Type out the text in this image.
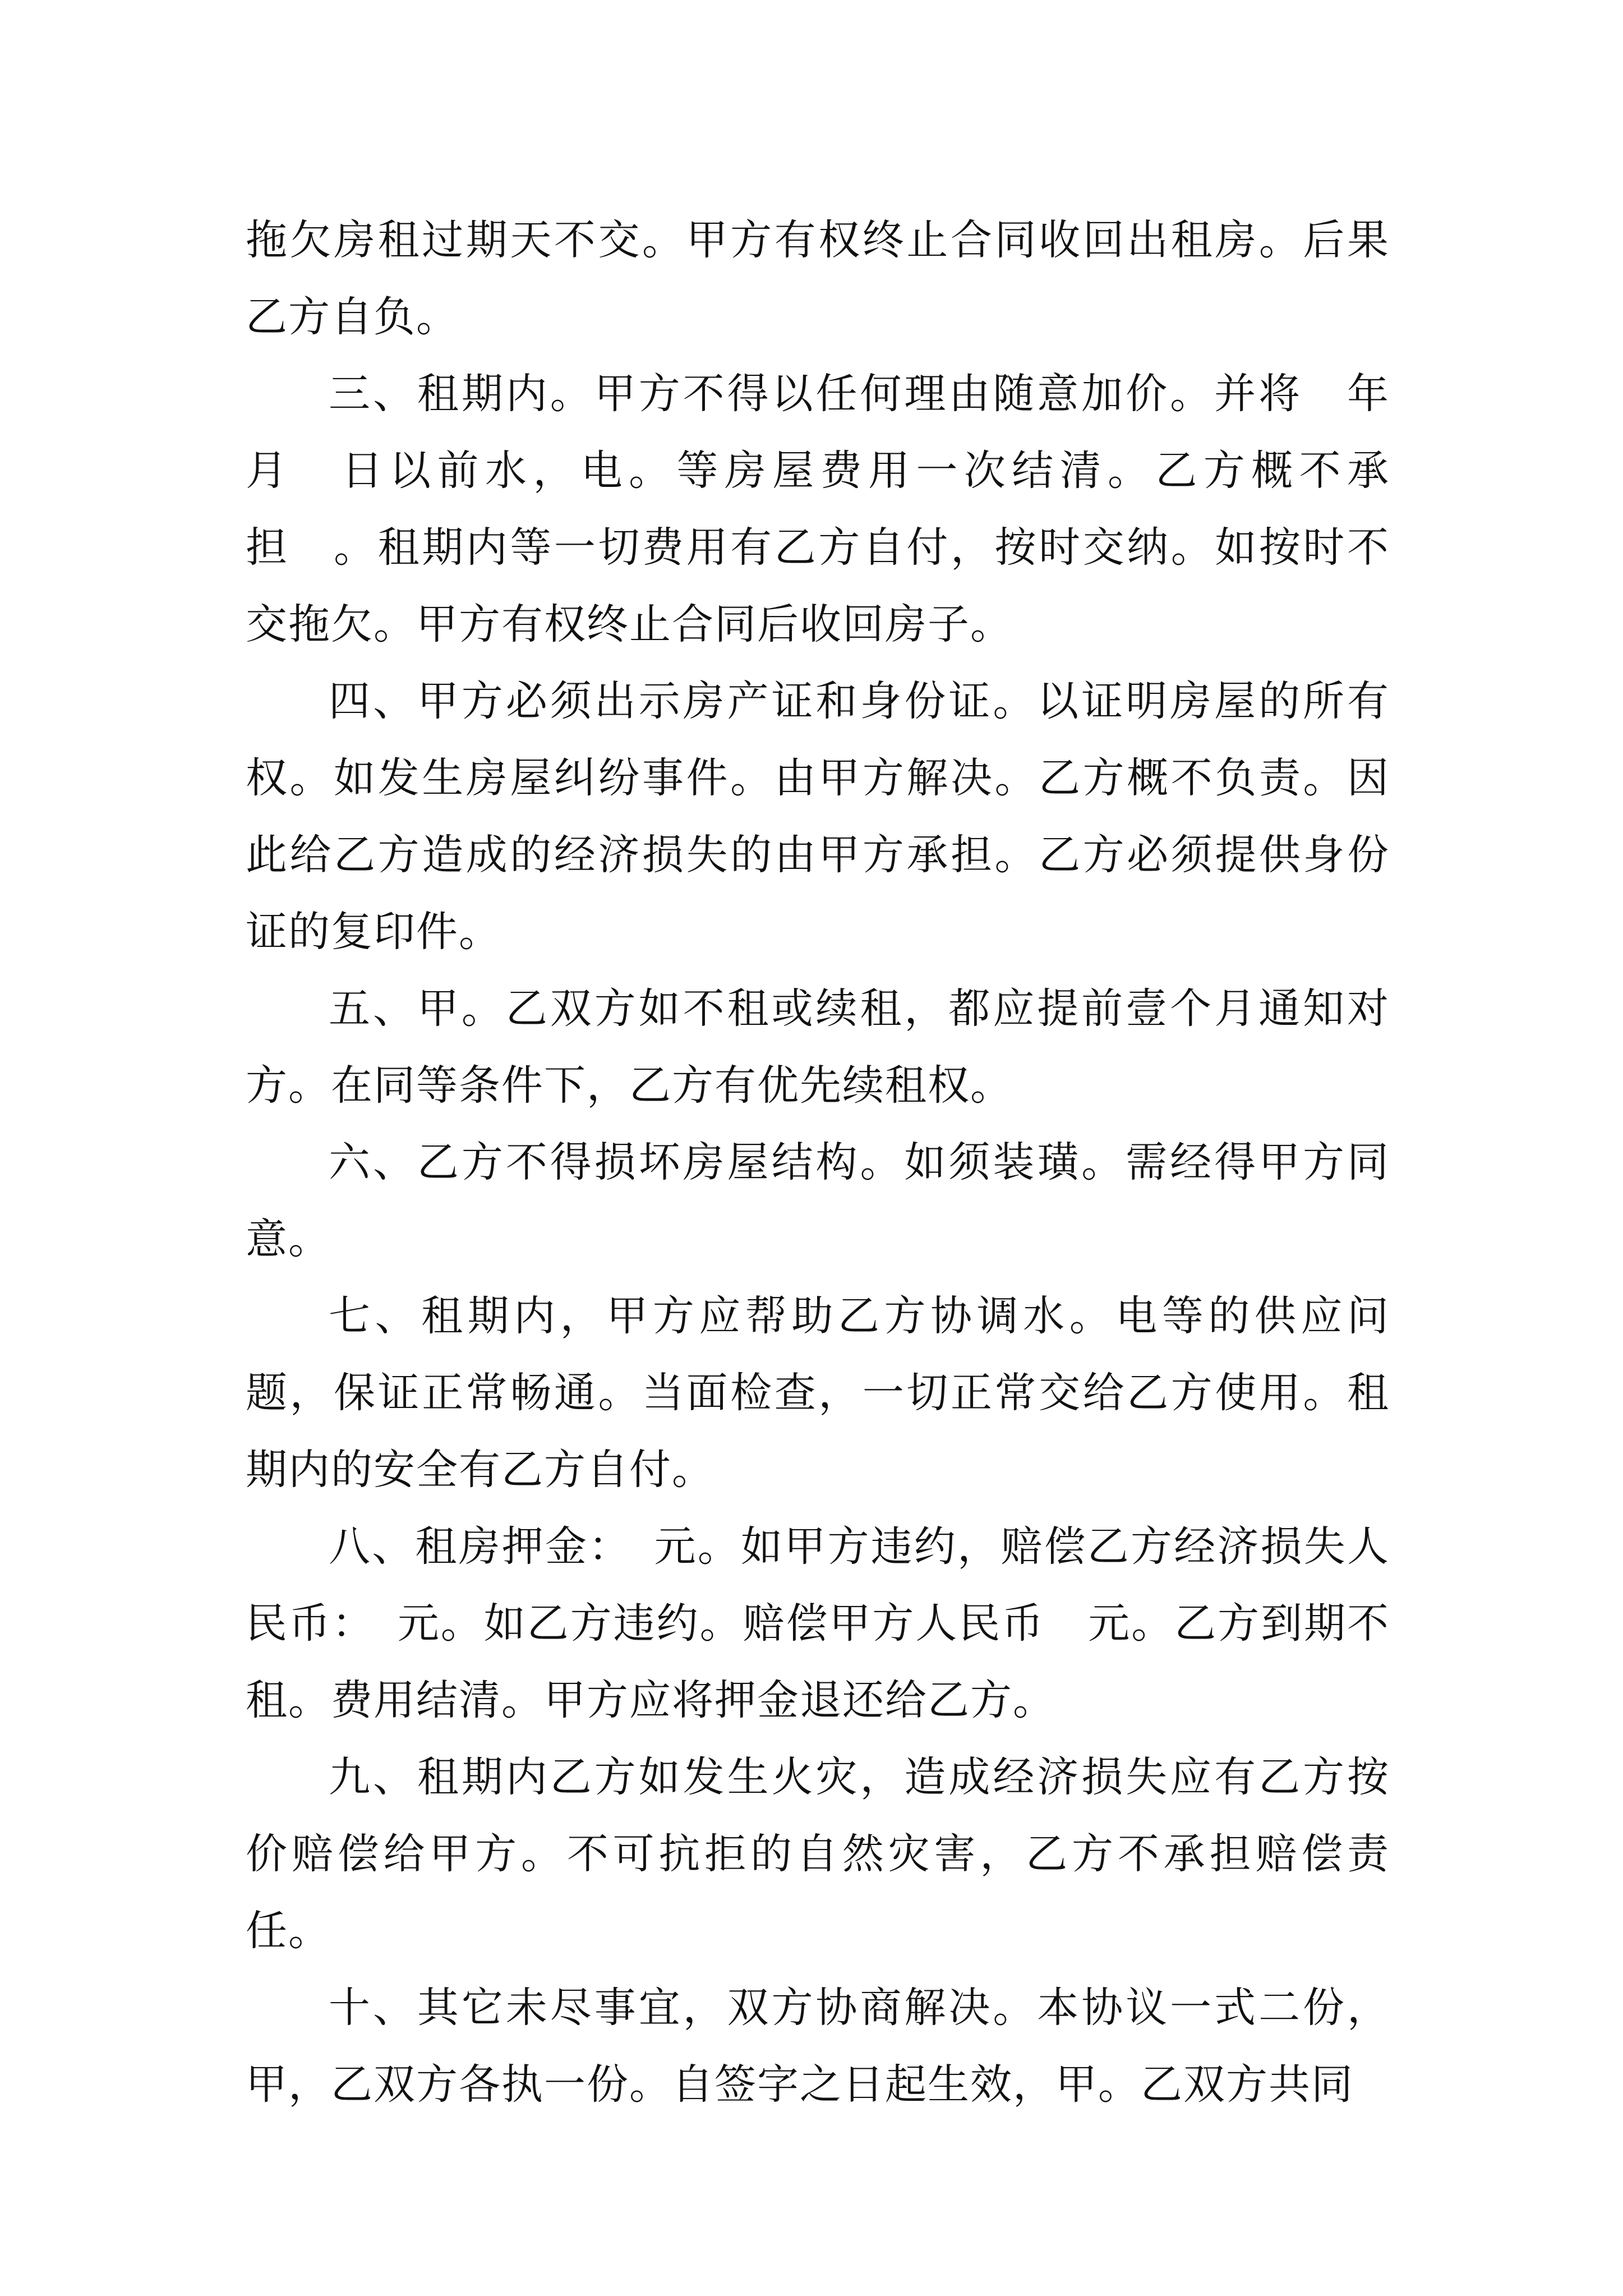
拖欠房租过期天不交。甲方有权终止合同收回出租房。后果乙方自负。

三、租期内。甲方不得以任何理由随意加价。并将　年　月　日以前水，电。等房屋费用一次结清。乙方概不承担　。租期内等一切费用有乙方自付，按时交纳。如按时不交拖欠。甲方有权终止合同后收回房子。

四、甲方必须出示房产证和身份证。以证明房屋的所有权。如发生房屋纠纷事件。由甲方解决。乙方概不负责。因此给乙方造成的经济损失的由甲方承担。乙方必须提供身份证的复印件。

五、甲。乙双方如不租或续租，都应提前壹个月通知对方。在同等条件下，乙方有优先续租权。

六、乙方不得损坏房屋结构。如须装璜。需经得甲方同意。

七、租期内，甲方应帮助乙方协调水。电等的供应问题，保证正常畅通。当面检查，一切正常交给乙方使用。租期内的安全有乙方自付。

八、租房押金：　元。如甲方违约，赔偿乙方经济损失人民币：　元。如乙方违约。赔偿甲方人民币　元。乙方到期不租。费用结清。甲方应将押金退还给乙方。

九、租期内乙方如发生火灾，造成经济损失应有乙方按价赔偿给甲方。不可抗拒的自然灾害，乙方不承担赔偿责任。

十、其它未尽事宜，双方协商解决。本协议一式二份，甲，乙双方各执一份。自签字之日起生效，甲。乙双方共同
